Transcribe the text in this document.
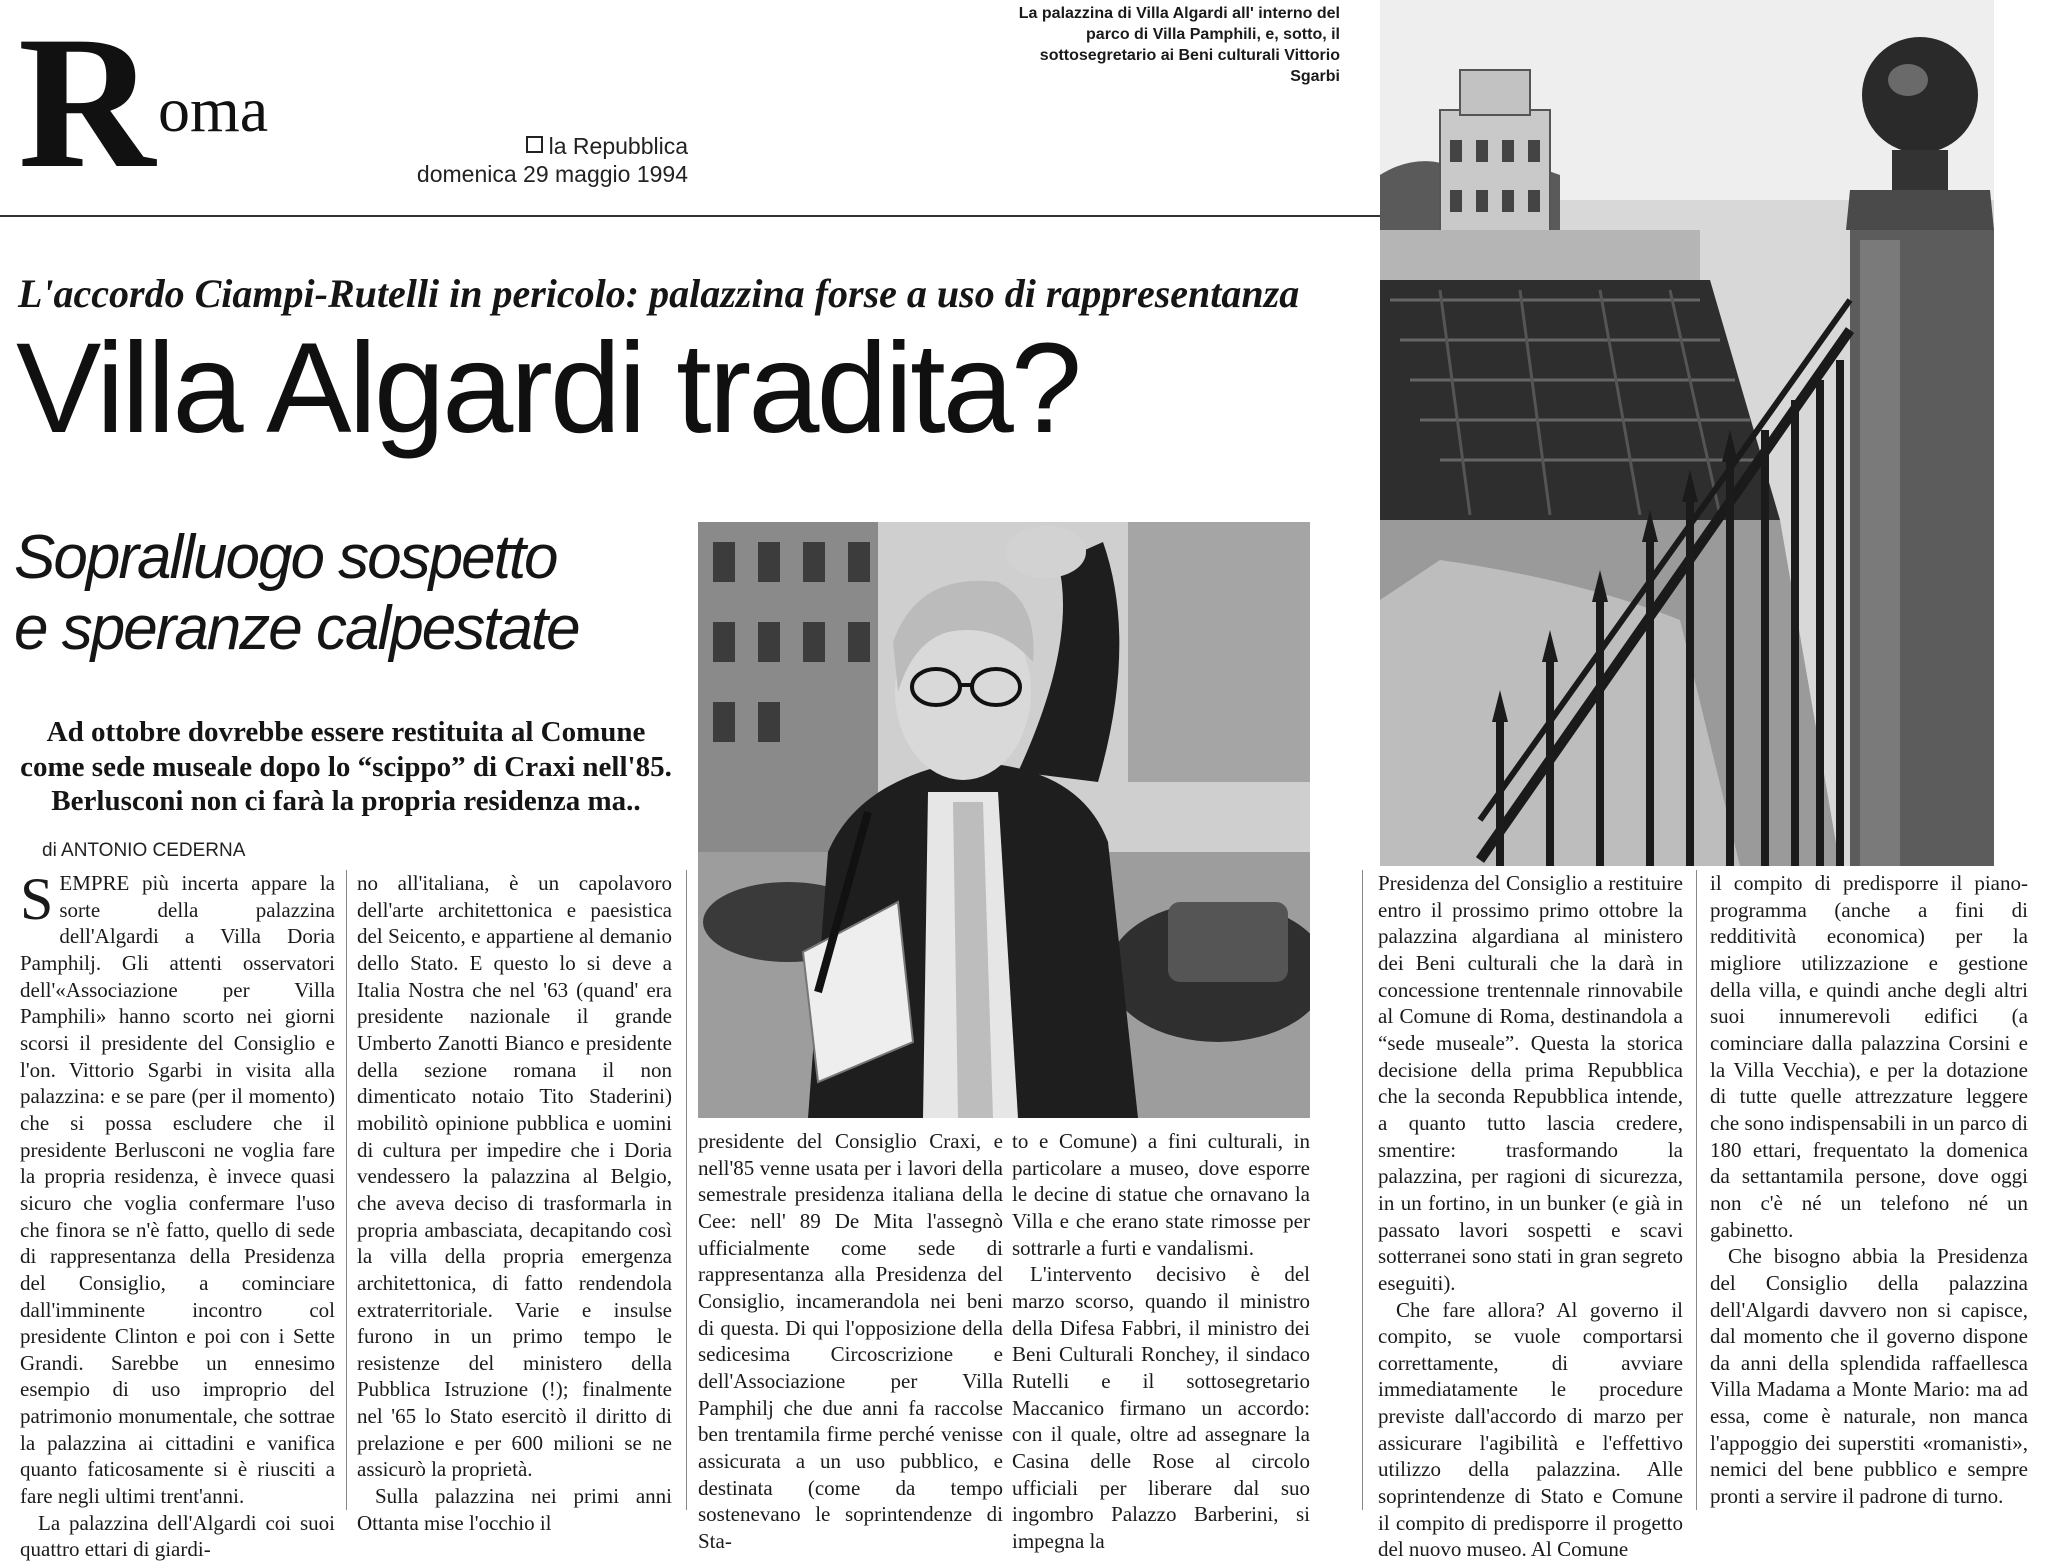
R oma
la Repubblica
domenica 29 maggio 1994
La palazzina di Villa Algardi all' interno del parco di Villa Pamphili, e, sotto, il sottosegretario ai Beni culturali Vittorio Sgarbi
L'accordo Ciampi-Rutelli in pericolo: palazzina forse a uso di rappresentanza
Villa Algardi tradita?
Sopralluogo sospetto
e speranze calpestate
Ad ottobre dovrebbe essere restituita al Comune
come sede museale dopo lo “scippo” di Craxi nell'85.
Berlusconi non ci farà la propria residenza ma..
di ANTONIO CEDERNA

SEMPRE più incerta appare la sorte della palazzina dell'Algardi a Villa Doria Pamphilj. Gli attenti osservatori dell'«Associazione per Villa Pamphili» hanno scorto nei giorni scorsi il presidente del Consiglio e l'on. Vittorio Sgarbi in visita alla palazzina: e se pare (per il momento) che si possa escludere che il presidente Berlusconi ne voglia fare la propria residenza, è invece quasi sicuro che voglia confermare l'uso che finora se n'è fatto, quello di sede di rappresentanza della Presidenza del Consiglio, a cominciare dall'imminente incontro col presidente Clinton e poi con i Sette Grandi. Sarebbe un ennesimo esempio di uso improprio del patrimonio monumentale, che sottrae la palazzina ai cittadini e vanifica quanto faticosamente si è riusciti a fare negli ultimi trent'anni.

La palazzina dell'Algardi coi suoi quattro ettari di giardi-

no all'italiana, è un capolavoro dell'arte architettonica e paesistica del Seicento, e appartiene al demanio dello Stato. E questo lo si deve a Italia Nostra che nel '63 (quand' era presidente nazionale il grande Umberto Zanotti Bianco e presidente della sezione romana il non dimenticato notaio Tito Staderini) mobilitò opinione pubblica e uomini di cultura per impedire che i Doria vendessero la palazzina al Belgio, che aveva deciso di trasformarla in propria ambasciata, decapitando così la villa della propria emergenza architettonica, di fatto rendendola extraterritoriale. Varie e insulse furono in un primo tempo le resistenze del ministero della Pubblica Istruzione (!); finalmente nel '65 lo Stato esercitò il diritto di prelazione e per 600 milioni se ne assicurò la proprietà.

Sulla palazzina nei primi anni Ottanta mise l'occhio il

presidente del Consiglio Craxi, e nell'85 venne usata per i lavori della semestrale presidenza italiana della Cee: nell' 89 De Mita l'assegnò ufficialmente come sede di rappresentanza alla Presidenza del Consiglio, incamerandola nei beni di questa. Di qui l'opposizione della sedicesima Circoscrizione e dell'Associazione per Villa Pamphilj che due anni fa raccolse ben trentamila firme perché venisse assicurata a un uso pubblico, e destinata (come da tempo sostenevano le soprintendenze di Sta-

to e Comune) a fini culturali, in particolare a museo, dove esporre le decine di statue che ornavano la Villa e che erano state rimosse per sottrarle a furti e vandalismi.

L'intervento decisivo è del marzo scorso, quando il ministro della Difesa Fabbri, il ministro dei Beni Culturali Ronchey, il sindaco Rutelli e il sottosegretario Maccanico firmano un accordo: con il quale, oltre ad assegnare la Casina delle Rose al circolo ufficiali per liberare dal suo ingombro Palazzo Barberini, si impegna la

Presidenza del Consiglio a restituire entro il prossimo primo ottobre la palazzina algardiana al ministero dei Beni culturali che la darà in concessione trentennale rinnovabile al Comune di Roma, destinandola a “sede museale”. Questa la storica decisione della prima Repubblica che la seconda Repubblica intende, a quanto tutto lascia credere, smentire: trasformando la palazzina, per ragioni di sicurezza, in un fortino, in un bunker (e già in passato lavori sospetti e scavi sotterranei sono stati in gran segreto eseguiti).

Che fare allora? Al governo il compito, se vuole comportarsi correttamente, di avviare immediatamente le procedure previste dall'accordo di marzo per assicurare l'agibilità e l'effettivo utilizzo della palazzina. Alle soprintendenze di Stato e Comune il compito di predisporre il progetto del nuovo museo. Al Comune

il compito di predisporre il piano-programma (anche a fini di redditività economica) per la migliore utilizzazione e gestione della villa, e quindi anche degli altri suoi innumerevoli edifici (a cominciare dalla palazzina Corsini e la Villa Vecchia), e per la dotazione di tutte quelle attrezzature leggere che sono indispensabili in un parco di 180 ettari, frequentato la domenica da settantamila persone, dove oggi non c'è né un telefono né un gabinetto.

Che bisogno abbia la Presidenza del Consiglio della palazzina dell'Algardi davvero non si capisce, dal momento che il governo dispone da anni della splendida raffaellesca Villa Madama a Monte Mario: ma ad essa, come è naturale, non manca l'appoggio dei superstiti «romanisti», nemici del bene pubblico e sempre pronti a servire il padrone di turno.
